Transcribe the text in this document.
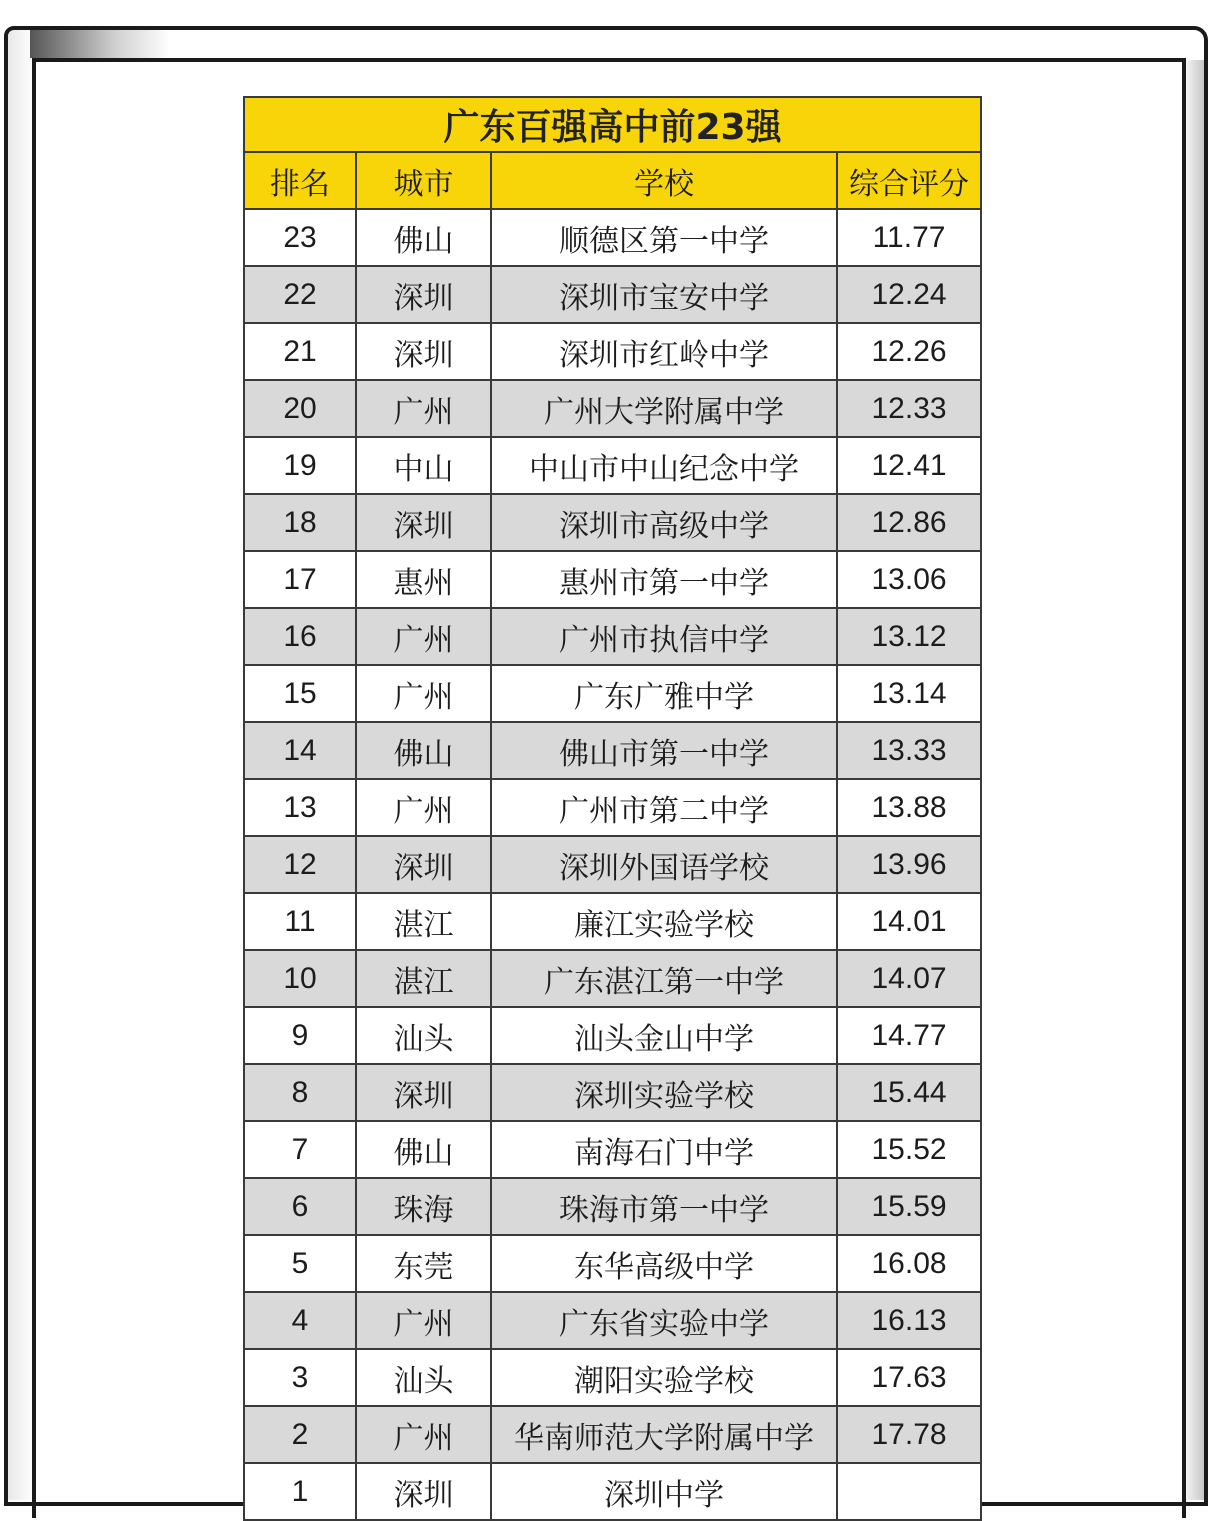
广东百强高中前23强			
排名	城市	学校	综合评分
23	佛山	顺德区第一中学	11.77
22	深圳	深圳市宝安中学	12.24
21	深圳	深圳市红岭中学	12.26
20	广州	广州大学附属中学	12.33
19	中山	中山市中山纪念中学	12.41
18	深圳	深圳市高级中学	12.86
17	惠州	惠州市第一中学	13.06
16	广州	广州市执信中学	13.12
15	广州	广东广雅中学	13.14
14	佛山	佛山市第一中学	13.33
13	广州	广州市第二中学	13.88
12	深圳	深圳外国语学校	13.96
11	湛江	廉江实验学校	14.01
10	湛江	广东湛江第一中学	14.07
9	汕头	汕头金山中学	14.77
8	深圳	深圳实验学校	15.44
7	佛山	南海石门中学	15.52
6	珠海	珠海市第一中学	15.59
5	东莞	东华高级中学	16.08
4	广州	广东省实验中学	16.13
3	汕头	潮阳实验学校	17.63
2	广州	华南师范大学附属中学	17.78
1	深圳	深圳中学	
